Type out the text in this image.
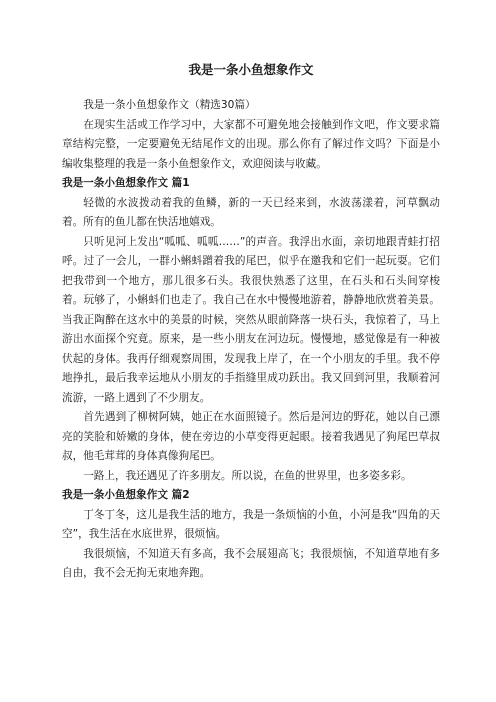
我是一条小鱼想象作文

我是一条小鱼想象作文（精选30篇）

在现实生活或工作学习中，大家都不可避免地会接触到作文吧，作文要求篇章结构完整，一定要避免无结尾作文的出现。那么你有了解过作文吗？下面是小编收集整理的我是一条小鱼想象作文，欢迎阅读与收藏。

我是一条小鱼想象作文 篇1

轻微的水波拨动着我的鱼鳞，新的一天已经来到，水波荡漾着，河草飘动着。所有的鱼儿都在快活地嬉戏。

只听见河上发出“呱呱、呱呱……”的声音。我浮出水面，亲切地跟青蛙打招呼。过了一会儿，一群小蝌蚪蹭着我的尾巴，似乎在邀我和它们一起玩耍。它们把我带到一个地方，那儿很多石头。我很快熟悉了这里，在石头和石头间穿梭着。玩够了，小蝌蚪们也走了。我自己在水中慢慢地游着，静静地欣赏着美景。当我正陶醉在这水中的美景的时候，突然从眼前降落一块石头，我惊着了，马上游出水面探个究竟。原来，是一些小朋友在河边玩。慢慢地，感觉像是有一种被伏起的身体。我再仔细观察周围，发现我上岸了，在一个小朋友的手里。我不停地挣扎，最后我幸运地从小朋友的手指缝里成功跃出。我又回到河里，我顺着河流游，一路上遇到了不少朋友。

首先遇到了柳树阿姨，她正在水面照镜子。然后是河边的野花，她以自己漂亮的笑脸和娇嫩的身体，使在旁边的小草变得更起眼。接着我遇见了狗尾巴草叔叔，他毛茸茸的身体真像狗尾巴。

一路上，我还遇见了许多朋友。所以说，在鱼的世界里，也多姿多彩。

我是一条小鱼想象作文 篇2

丁冬丁冬，这儿是我生活的地方，我是一条烦恼的小鱼，小河是我“四角的天空”，我生活在水底世界，很烦恼。

我很烦恼，不知道天有多高，我不会展翅高飞；我很烦恼，不知道草地有多自由，我不会无拘无束地奔跑。
